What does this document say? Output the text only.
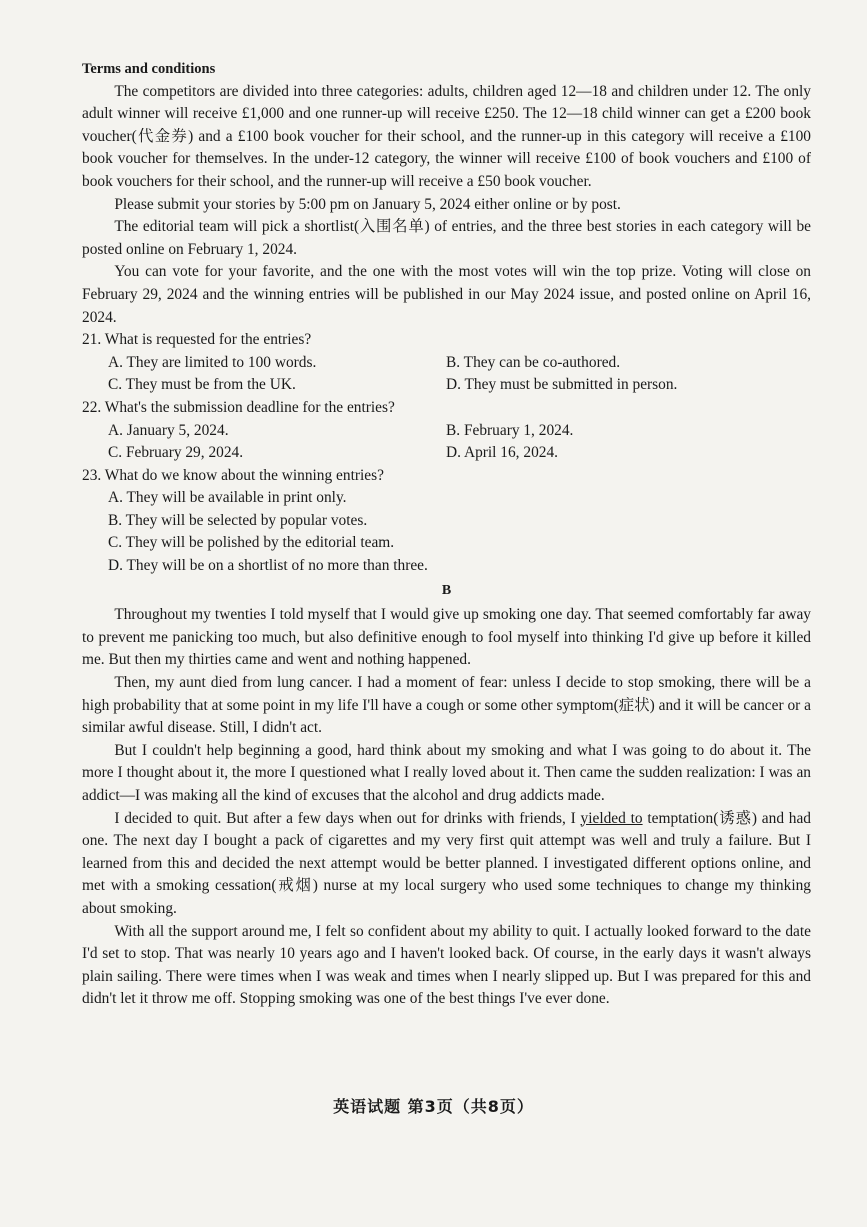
Terms and conditions

The competitors are divided into three categories: adults, children aged 12—18 and children under 12. The only adult winner will receive £1,000 and one runner-up will receive £250. The 12—18 child winner can get a £200 book voucher(代金券) and a £100 book voucher for their school, and the runner-up in this category will receive a £100 book voucher for themselves. In the under-12 category, the winner will receive £100 of book vouchers and £100 of book vouchers for their school, and the runner-up will receive a £50 book voucher.

Please submit your stories by 5:00 pm on January 5, 2024 either online or by post.

The editorial team will pick a shortlist(入围名单) of entries, and the three best stories in each category will be posted online on February 1, 2024.

You can vote for your favorite, and the one with the most votes will win the top prize. Voting will close on February 29, 2024 and the winning entries will be published in our May 2024 issue, and posted online on April 16, 2024.

21. What is requested for the entries?

A. They are limited to 100 words.	B. They can be co-authored.
C. They must be from the UK.	D. They must be submitted in person.

22. What's the submission deadline for the entries?

A. January 5, 2024.	B. February 1, 2024.
C. February 29, 2024.	D. April 16, 2024.

23. What do we know about the winning entries?

A. They will be available in print only.
B. They will be selected by popular votes.
C. They will be polished by the editorial team.
D. They will be on a shortlist of no more than three.

B

Throughout my twenties I told myself that I would give up smoking one day. That seemed comfortably far away to prevent me panicking too much, but also definitive enough to fool myself into thinking I'd give up before it killed me. But then my thirties came and went and nothing happened.

Then, my aunt died from lung cancer. I had a moment of fear: unless I decide to stop smoking, there will be a high probability that at some point in my life I'll have a cough or some other symptom(症状) and it will be cancer or a similar awful disease. Still, I didn't act.

But I couldn't help beginning a good, hard think about my smoking and what I was going to do about it. The more I thought about it, the more I questioned what I really loved about it. Then came the sudden realization: I was an addict—I was making all the kind of excuses that the alcohol and drug addicts made.

I decided to quit. But after a few days when out for drinks with friends, I yielded to temptation(诱惑) and had one. The next day I bought a pack of cigarettes and my very first quit attempt was well and truly a failure. But I learned from this and decided the next attempt would be better planned. I investigated different options online, and met with a smoking cessation(戒烟) nurse at my local surgery who used some techniques to change my thinking about smoking.

With all the support around me, I felt so confident about my ability to quit. I actually looked forward to the date I'd set to stop. That was nearly 10 years ago and I haven't looked back. Of course, in the early days it wasn't always plain sailing. There were times when I was weak and times when I nearly slipped up. But I was prepared for this and didn't let it throw me off. Stopping smoking was one of the best things I've ever done.

英语试题 第3页（共8页）
